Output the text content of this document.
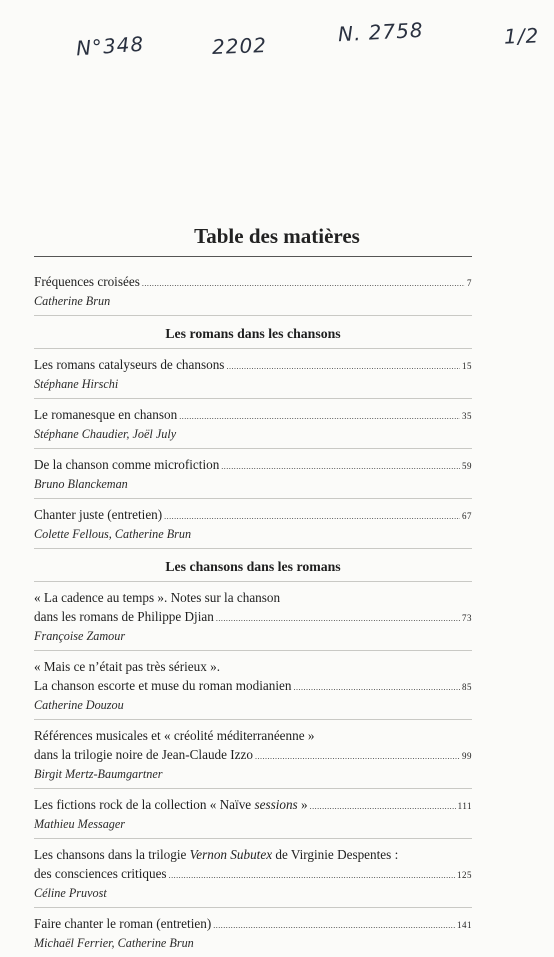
N°348	2202	N. 2758	1/2
Table des matières
Fréquences croisées .....	7
Catherine Brun
Les romans dans les chansons
Les romans catalyseurs de chansons .....	15
Stéphane Hirschi
Le romanesque en chanson .....	35
Stéphane Chaudier, Joël July
De la chanson comme microfiction .....	59
Bruno Blanckeman
Chanter juste (entretien) .....	67
Colette Fellous, Catherine Brun
Les chansons dans les romans
« La cadence au temps ». Notes sur la chanson
dans les romans de Philippe Djian .....	73
Françoise Zamour
« Mais ce n’était pas très sérieux ».
La chanson escorte et muse du roman modianien .....	85
Catherine Douzou
Références musicales et « créolité méditerranéenne »
dans la trilogie noire de Jean-Claude Izzo .....	99
Birgit Mertz-Baumgartner
Les fictions rock de la collection « Naïve sessions » .....	111
Mathieu Messager
Les chansons dans la trilogie Vernon Subutex de Virginie Despentes :
des consciences critiques .....	125
Céline Pruvost
Faire chanter le roman (entretien) .....	141
Michaël Ferrier, Catherine Brun
